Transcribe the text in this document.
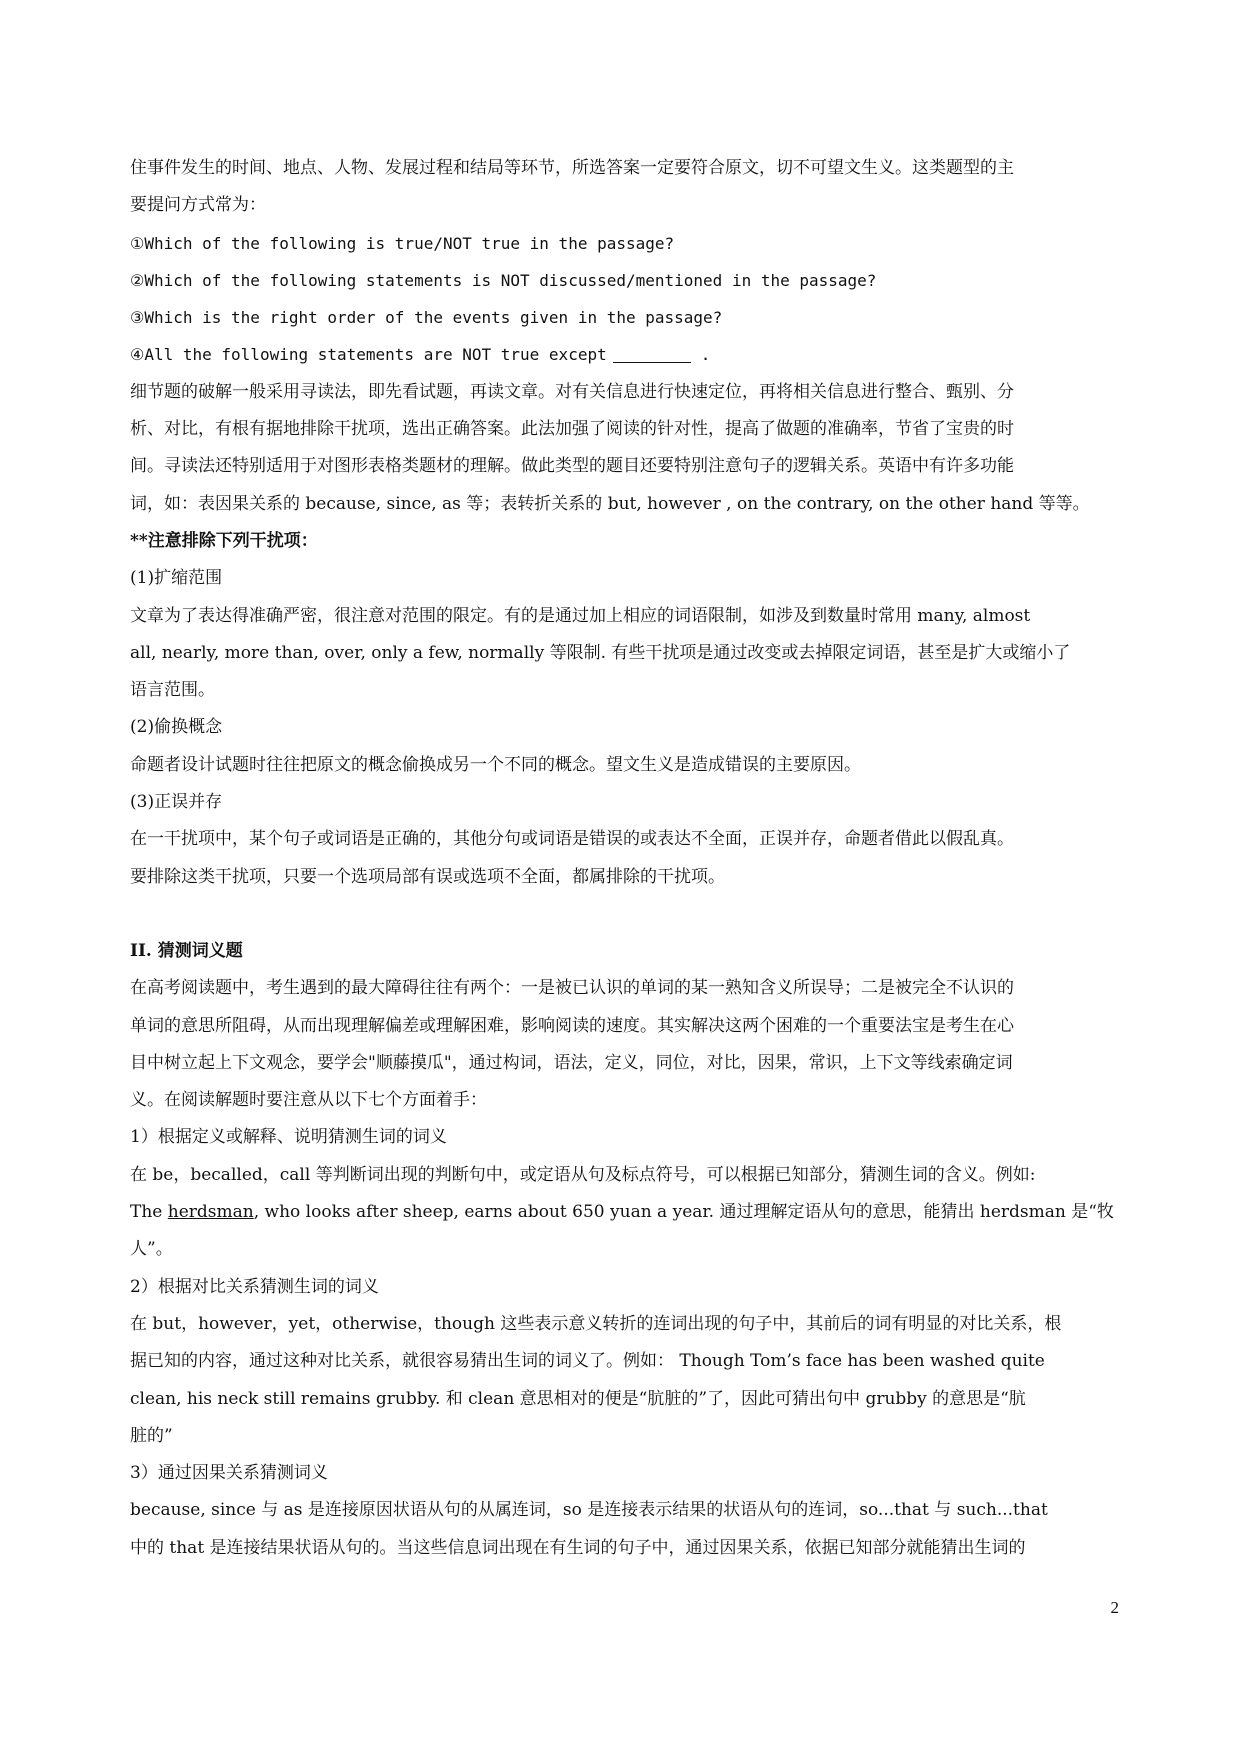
住事件发生的时间、地点、人物、发展过程和结局等环节，所选答案一定要符合原文，切不可望文生义。这类题型的主
要提问方式常为：
①Which of the following is true/NOT true in the passage?
②Which of the following statements is NOT discussed/mentioned in the passage?
③Which is the right order of the events given in the passage?
④All the following statements are NOT true except	.
细节题的破解一般采用寻读法，即先看试题，再读文章。对有关信息进行快速定位，再将相关信息进行整合、甄别、分
析、对比，有根有据地排除干扰项，选出正确答案。此法加强了阅读的针对性，提高了做题的准确率，节省了宝贵的时
间。寻读法还特别适用于对图形表格类题材的理解。做此类型的题目还要特别注意句子的逻辑关系。英语中有许多功能
词，如：表因果关系的 because, since, as 等；表转折关系的 but, however , on the contrary, on the other hand 等等。
**注意排除下列干扰项：
(1)扩缩范围
文章为了表达得准确严密，很注意对范围的限定。有的是通过加上相应的词语限制，如涉及到数量时常用 many, almost
all, nearly, more than, over, only a few, normally 等限制. 有些干扰项是通过改变或去掉限定词语，甚至是扩大或缩小了
语言范围。
(2)偷换概念
命题者设计试题时往往把原文的概念偷换成另一个不同的概念。望文生义是造成错误的主要原因。
(3)正误并存
在一干扰项中，某个句子或词语是正确的，其他分句或词语是错误的或表达不全面，正误并存，命题者借此以假乱真。
要排除这类干扰项，只要一个选项局部有误或选项不全面，都属排除的干扰项。
II. 猜测词义题
在高考阅读题中，考生遇到的最大障碍往往有两个：一是被已认识的单词的某一熟知含义所误导；二是被完全不认识的
单词的意思所阻碍，从而出现理解偏差或理解困难，影响阅读的速度。其实解决这两个困难的一个重要法宝是考生在心
目中树立起上下文观念，要学会"顺藤摸瓜"，通过构词，语法，定义，同位，对比，因果，常识，上下文等线索确定词
义。在阅读解题时要注意从以下七个方面着手：
1）根据定义或解释、说明猜测生词的词义
在 be，becalled，call 等判断词出现的判断句中，或定语从句及标点符号，可以根据已知部分，猜测生词的含义。例如:
The herdsman, who looks after sheep, earns about 650 yuan a year. 通过理解定语从句的意思，能猜出 herdsman 是“牧
人”。
2）根据对比关系猜测生词的词义
在 but，however，yet，otherwise，though 这些表示意义转折的连词出现的句子中，其前后的词有明显的对比关系，根
据已知的内容，通过这种对比关系，就很容易猜出生词的词义了。例如： Though Tom’s face has been washed quite
clean, his neck still remains grubby. 和 clean 意思相对的便是“肮脏的”了，因此可猜出句中 grubby 的意思是“肮
脏的”
3）通过因果关系猜测词义
because, since 与 as 是连接原因状语从句的从属连词，so 是连接表示结果的状语从句的连词，so...that 与 such...that
中的 that 是连接结果状语从句的。当这些信息词出现在有生词的句子中，通过因果关系，依据已知部分就能猜出生词的
2
